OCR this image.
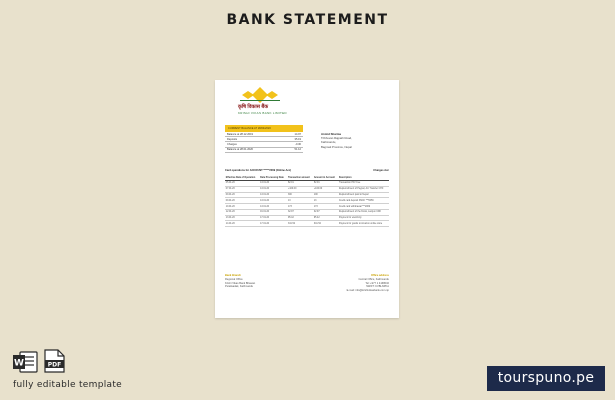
BANK STATEMENT
कृषि विकास बैंक
KRISHI VIKAS BANK LIMITED
CURRENT BALANCE AT 28/04/2020
Balance at 28.12.2019	14.97
Deposits	35.19
Charges	-0.30
Balance at 28.01.2020	51.12
Arvind Sharma
Tribhuvan Rajpath Road,
Kathmandu,
Bagmati Province, Nepal
Card operations for ACCOUNT ******2009 (Online Acc)	Charges Acc
Effective Date of Operation	Date Processing Date	Transaction amount	Amount in Account	Description
05.01.20	13.01.20	82.01	52.01	Transaction PAY Fee
07.01.20	13.01.20	+100.00	+100.00	Replenishment of Paypal, A/c Transfer CHF
09.01.20	13.01.20	300	100	Replenishment paid to Nepal
09.01.20	13.01.20	13	13	Credit card deposit DSCF ***6059
10.01.20	13.01.20	173	173	Credit card withdrawal ***2009
12.01.20	16.01.20	32.97	32.97	Replenishment of the Kiosk, Lamjun CDF
13.01.20	17.01.20	95.42	95.42	Payment for electricity
14.01.20	17.01.20	341.52	341.52	Payment for goods to Amazon online store
Bank Branch
Regional Office
Krishi Vikas Bank Bhawan
Putalisadak, Kathmandu
Office address
Central Office, Kathmandu
Tel: +977 1 4168032
SWIFT: KVBLNPKA
E-mail: info@krishivikasbank.com.np
W	PDF
fully editable template	tourspuno.pe
